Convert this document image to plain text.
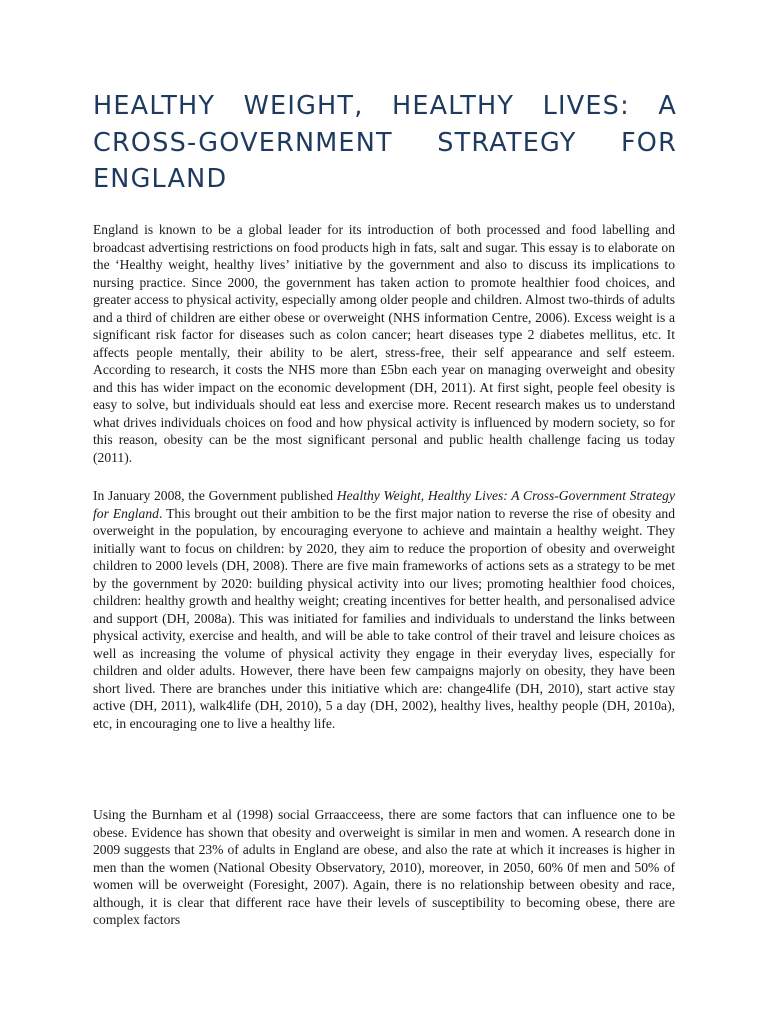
HEALTHY WEIGHT, HEALTHY LIVES: A CROSS-GOVERNMENT STRATEGY FOR ENGLAND

England is known to be a global leader for its introduction of both processed and food labelling and broadcast advertising restrictions on food products high in fats, salt and sugar. This essay is to elaborate on the ‘Healthy weight, healthy lives’ initiative by the government and also to discuss its implications to nursing practice. Since 2000, the government has taken action to promote healthier food choices, and greater access to physical activity, especially among older people and children. Almost two-thirds of adults and a third of children are either obese or overweight (NHS information Centre, 2006). Excess weight is a significant risk factor for diseases such as colon cancer; heart diseases type 2 diabetes mellitus, etc. It affects people mentally, their ability to be alert, stress-free, their self appearance and self esteem. According to research, it costs the NHS more than £5bn each year on managing overweight and obesity and this has wider impact on the economic development (DH, 2011). At first sight, people feel obesity is easy to solve, but individuals should eat less and exercise more. Recent research makes us to understand what drives individuals choices on food and how physical activity is influenced by modern society, so for this reason, obesity can be the most significant personal and public health challenge facing us today (2011).

In January 2008, the Government published Healthy Weight, Healthy Lives: A Cross-Government Strategy for England. This brought out their ambition to be the first major nation to reverse the rise of obesity and overweight in the population, by encouraging everyone to achieve and maintain a healthy weight. They initially want to focus on children: by 2020, they aim to reduce the proportion of obesity and overweight children to 2000 levels (DH, 2008). There are five main frameworks of actions sets as a strategy to be met by the government by 2020: building physical activity into our lives; promoting healthier food choices, children: healthy growth and healthy weight; creating incentives for better health, and personalised advice and support (DH, 2008a). This was initiated for families and individuals to understand the links between physical activity, exercise and health, and will be able to take control of their travel and leisure choices as well as increasing the volume of physical activity they engage in their everyday lives, especially for children and older adults. However, there have been few campaigns majorly on obesity, they have been short lived. There are branches under this initiative which are: change4life (DH, 2010), start active stay active (DH, 2011), walk4life (DH, 2010), 5 a day (DH, 2002), healthy lives, healthy people (DH, 2010a), etc, in encouraging one to live a healthy life.

Using the Burnham et al (1998) social Grraacceess, there are some factors that can influence one to be obese. Evidence has shown that obesity and overweight is similar in men and women. A research done in 2009 suggests that 23% of adults in England are obese, and also the rate at which it increases is higher in men than the women (National Obesity Observatory, 2010), moreover, in 2050, 60% 0f men and 50% of women will be overweight (Foresight, 2007). Again, there is no relationship between obesity and race, although, it is clear that different race have their levels of susceptibility to becoming obese, there are complex factors
